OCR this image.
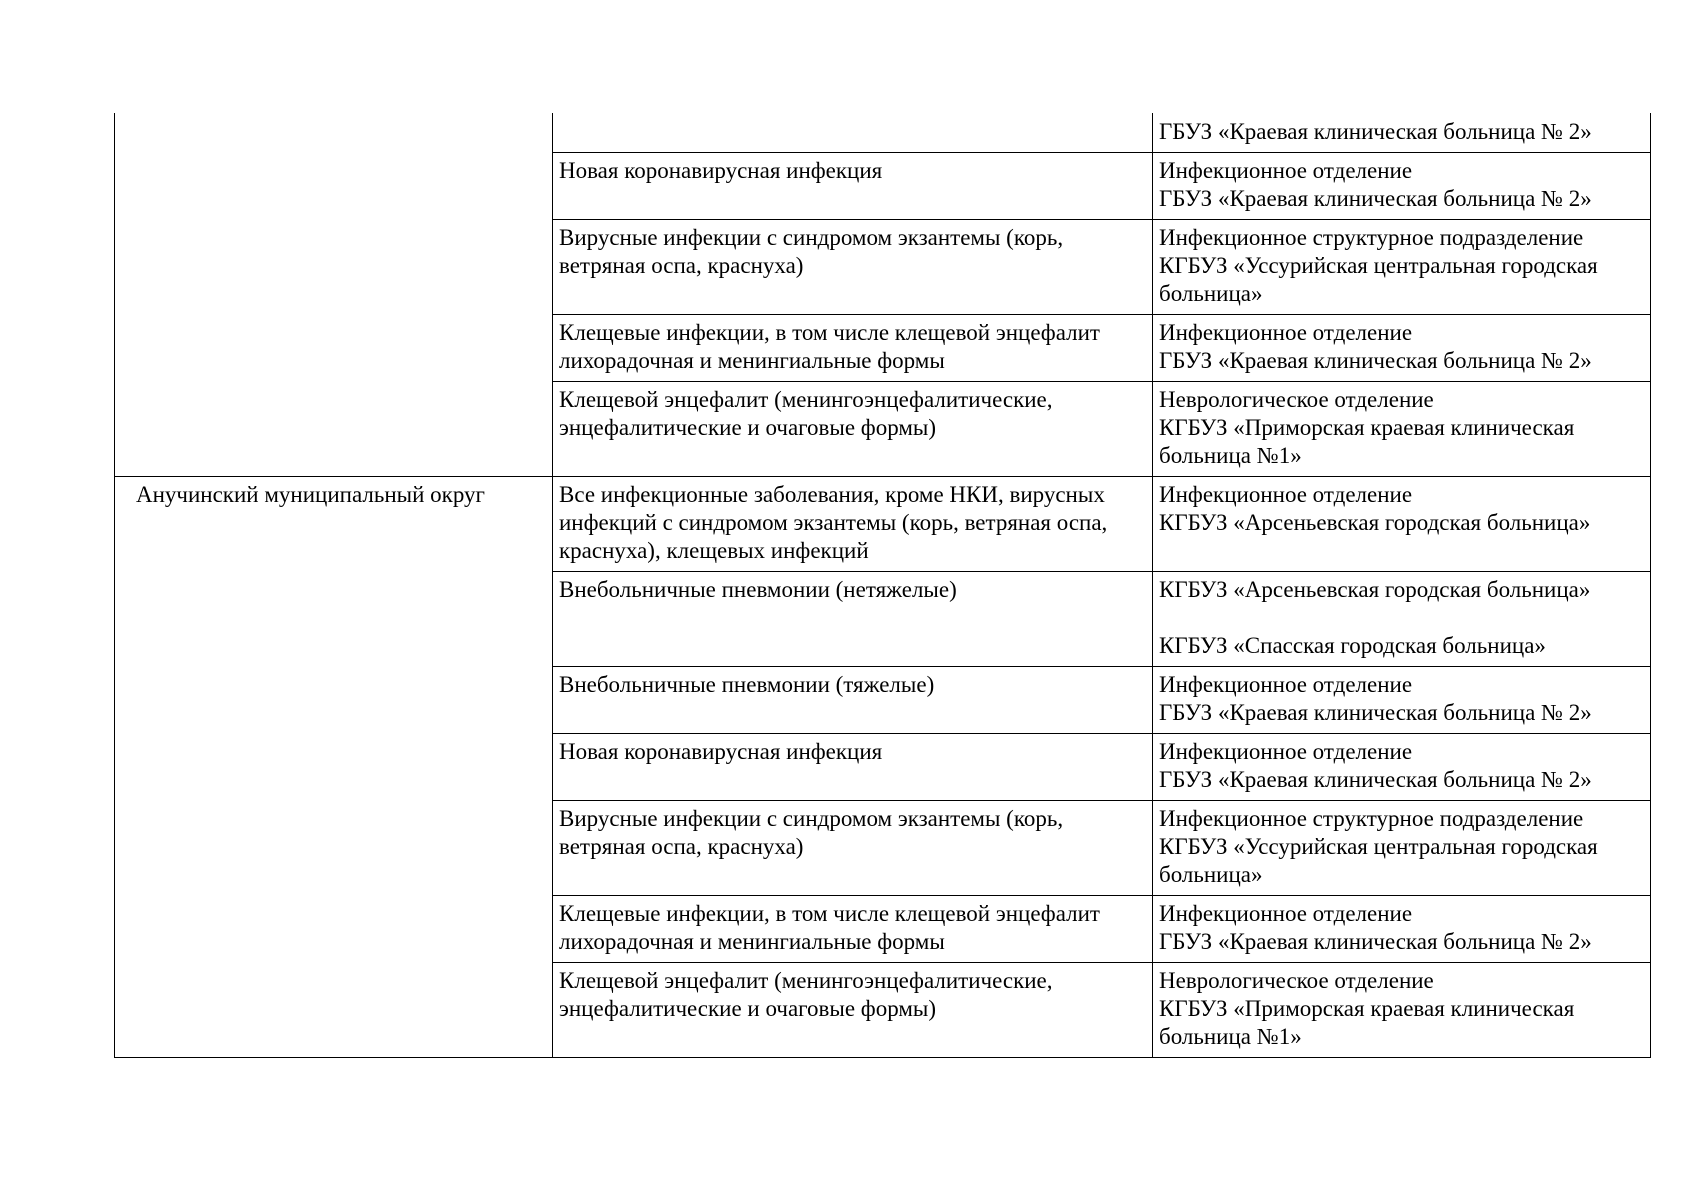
		ГБУЗ «Краевая клиническая больница № 2»

	Новая коронавирусная инфекция	Инфекционное отделение
ГБУЗ «Краевая клиническая больница № 2»

	Вирусные инфекции с синдромом экзантемы (корь, ветряная оспа, краснуха)	Инфекционное структурное подразделение
КГБУЗ «Уссурийская центральная городская больница»
	Клещевые инфекции, в том числе клещевой энцефалит лихорадочная и менингиальные формы	Инфекционное отделение
ГБУЗ «Краевая клиническая больница № 2»

	Клещевой энцефалит (менингоэнцефалитические, энцефалитические и очаговые формы)	Неврологическое отделение
КГБУЗ «Приморская краевая клиническая больница №1»
Анучинский муниципальный округ	Все инфекционные заболевания, кроме НКИ, вирусных инфекций с синдромом экзантемы (корь, ветряная оспа, краснуха), клещевых инфекций	Инфекционное отделение
КГБУЗ «Арсеньевская городская больница»

	Внебольничные пневмонии (нетяжелые)	КГБУЗ «Арсеньевская городская больница»
КГБУЗ «Спасская городская больница»

	Внебольничные пневмонии (тяжелые)	Инфекционное отделение
ГБУЗ «Краевая клиническая больница № 2»

	Новая коронавирусная инфекция	Инфекционное отделение
ГБУЗ «Краевая клиническая больница № 2»

	Вирусные инфекции с синдромом экзантемы (корь, ветряная оспа, краснуха)	Инфекционное структурное подразделение
КГБУЗ «Уссурийская центральная городская больница»
	Клещевые инфекции, в том числе клещевой энцефалит лихорадочная и менингиальные формы	Инфекционное отделение
ГБУЗ «Краевая клиническая больница № 2»

	Клещевой энцефалит (менингоэнцефалитические, энцефалитические и очаговые формы)	Неврологическое отделение
КГБУЗ «Приморская краевая клиническая больница №1»
